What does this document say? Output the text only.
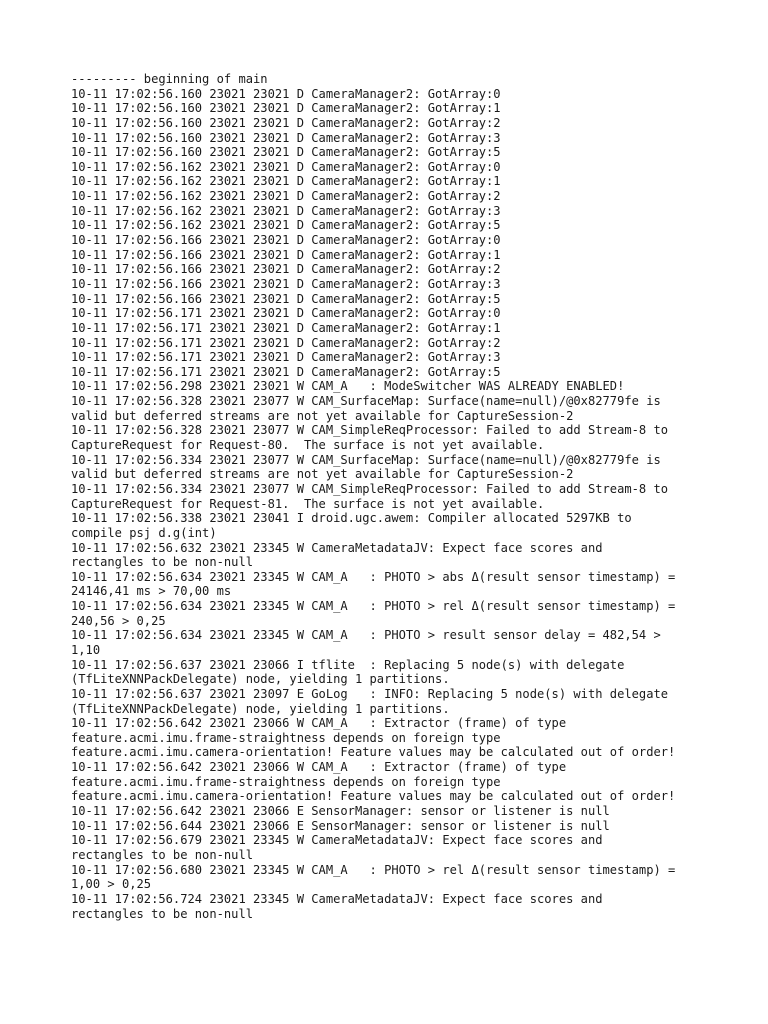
--------- beginning of main
10-11 17:02:56.160 23021 23021 D CameraManager2: GotArray:0
10-11 17:02:56.160 23021 23021 D CameraManager2: GotArray:1
10-11 17:02:56.160 23021 23021 D CameraManager2: GotArray:2
10-11 17:02:56.160 23021 23021 D CameraManager2: GotArray:3
10-11 17:02:56.160 23021 23021 D CameraManager2: GotArray:5
10-11 17:02:56.162 23021 23021 D CameraManager2: GotArray:0
10-11 17:02:56.162 23021 23021 D CameraManager2: GotArray:1
10-11 17:02:56.162 23021 23021 D CameraManager2: GotArray:2
10-11 17:02:56.162 23021 23021 D CameraManager2: GotArray:3
10-11 17:02:56.162 23021 23021 D CameraManager2: GotArray:5
10-11 17:02:56.166 23021 23021 D CameraManager2: GotArray:0
10-11 17:02:56.166 23021 23021 D CameraManager2: GotArray:1
10-11 17:02:56.166 23021 23021 D CameraManager2: GotArray:2
10-11 17:02:56.166 23021 23021 D CameraManager2: GotArray:3
10-11 17:02:56.166 23021 23021 D CameraManager2: GotArray:5
10-11 17:02:56.171 23021 23021 D CameraManager2: GotArray:0
10-11 17:02:56.171 23021 23021 D CameraManager2: GotArray:1
10-11 17:02:56.171 23021 23021 D CameraManager2: GotArray:2
10-11 17:02:56.171 23021 23021 D CameraManager2: GotArray:3
10-11 17:02:56.171 23021 23021 D CameraManager2: GotArray:5
10-11 17:02:56.298 23021 23021 W CAM_A   : ModeSwitcher WAS ALREADY ENABLED!
10-11 17:02:56.328 23021 23077 W CAM_SurfaceMap: Surface(name=null)/@0x82779fe is
valid but deferred streams are not yet available for CaptureSession-2
10-11 17:02:56.328 23021 23077 W CAM_SimpleReqProcessor: Failed to add Stream-8 to
CaptureRequest for Request-80.  The surface is not yet available.
10-11 17:02:56.334 23021 23077 W CAM_SurfaceMap: Surface(name=null)/@0x82779fe is
valid but deferred streams are not yet available for CaptureSession-2
10-11 17:02:56.334 23021 23077 W CAM_SimpleReqProcessor: Failed to add Stream-8 to
CaptureRequest for Request-81.  The surface is not yet available.
10-11 17:02:56.338 23021 23041 I droid.ugc.awem: Compiler allocated 5297KB to
compile psj d.g(int)
10-11 17:02:56.632 23021 23345 W CameraMetadataJV: Expect face scores and
rectangles to be non-null
10-11 17:02:56.634 23021 23345 W CAM_A   : PHOTO > abs Δ(result sensor timestamp) =
24146,41 ms > 70,00 ms
10-11 17:02:56.634 23021 23345 W CAM_A   : PHOTO > rel Δ(result sensor timestamp) =
240,56 > 0,25
10-11 17:02:56.634 23021 23345 W CAM_A   : PHOTO > result sensor delay = 482,54 >
1,10
10-11 17:02:56.637 23021 23066 I tflite  : Replacing 5 node(s) with delegate
(TfLiteXNNPackDelegate) node, yielding 1 partitions.
10-11 17:02:56.637 23021 23097 E GoLog   : INFO: Replacing 5 node(s) with delegate
(TfLiteXNNPackDelegate) node, yielding 1 partitions.
10-11 17:02:56.642 23021 23066 W CAM_A   : Extractor (frame) of type
feature.acmi.imu.frame-straightness depends on foreign type
feature.acmi.imu.camera-orientation! Feature values may be calculated out of order!
10-11 17:02:56.642 23021 23066 W CAM_A   : Extractor (frame) of type
feature.acmi.imu.frame-straightness depends on foreign type
feature.acmi.imu.camera-orientation! Feature values may be calculated out of order!
10-11 17:02:56.642 23021 23066 E SensorManager: sensor or listener is null
10-11 17:02:56.644 23021 23066 E SensorManager: sensor or listener is null
10-11 17:02:56.679 23021 23345 W CameraMetadataJV: Expect face scores and
rectangles to be non-null
10-11 17:02:56.680 23021 23345 W CAM_A   : PHOTO > rel Δ(result sensor timestamp) =
1,00 > 0,25
10-11 17:02:56.724 23021 23345 W CameraMetadataJV: Expect face scores and
rectangles to be non-null
